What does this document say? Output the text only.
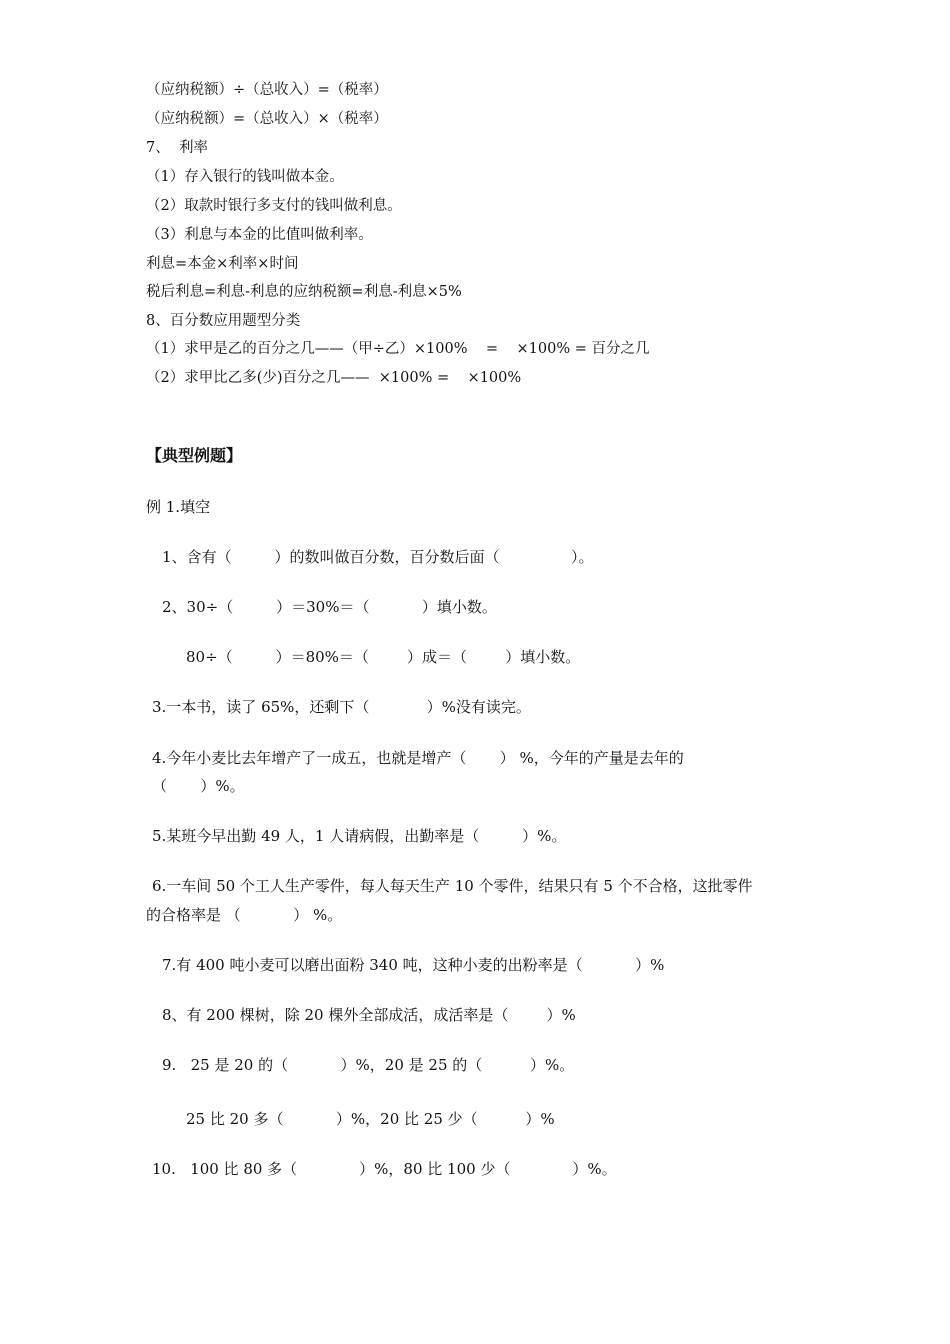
（应纳税额）÷（总收入）=（税率）
（应纳税额）=（总收入）×（税率）
7、  利率
（1）存入银行的钱叫做本金。
（2）取款时银行多支付的钱叫做利息。
（3）利息与本金的比值叫做利率。
利息=本金×利率×时间
税后利息=利息-利息的应纳税额=利息-利息×5%
8、百分数应用题型分类
（1）求甲是乙的百分之几——（甲÷乙）×100%    =    ×100% = 百分之几
（2）求甲比乙多(少)百分之几——  ×100% =    ×100%
【典型例题】
例 1.填空
1、含有（         ）的数叫做百分数，百分数后面（               ）。
2、30÷（         ）＝30%＝（           ）填小数。
80÷（         ）＝80%＝（        ）成＝（        ）填小数。
3.一本书，读了 65%，还剩下（            ）%没有读完。
4.今年小麦比去年增产了一成五，也就是增产（       ） %，今年的产量是去年的
（       ）%。
5.某班今早出勤 49 人，1 人请病假，出勤率是（         ）%。
6.一车间 50 个工人生产零件，每人每天生产 10 个零件，结果只有 5 个不合格，这批零件
的合格率是 （           ） %。
7.有 400 吨小麦可以磨出面粉 340 吨，这种小麦的出粉率是（           ）%
8、有 200 棵树，除 20 棵外全部成活，成活率是（        ）%
9.   25 是 20 的（           ）%，20 是 25 的（          ）%。
25 比 20 多（           ）%，20 比 25 少（          ）%
10.   100 比 80 多（             ）%，80 比 100 少（             ）%。
